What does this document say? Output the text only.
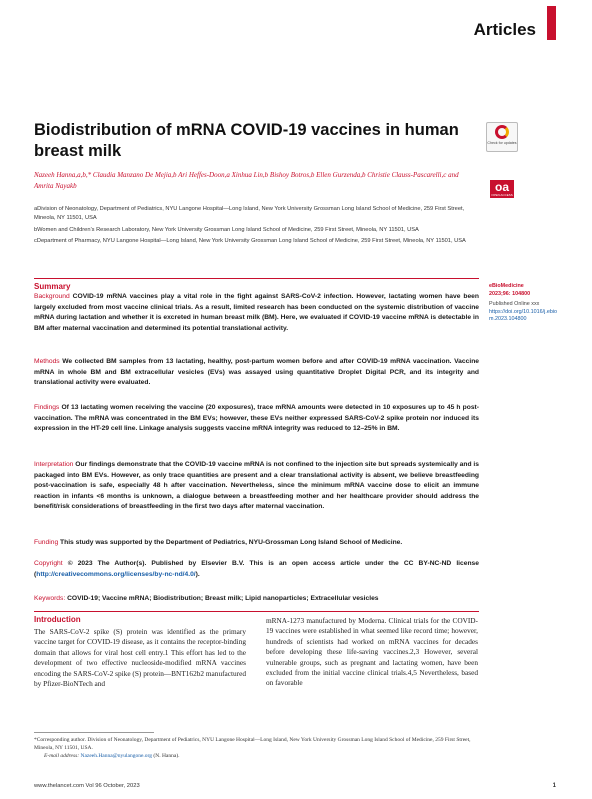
Articles
Biodistribution of mRNA COVID-19 vaccines in human breast milk	Check for updates
oa
OPEN ACCESS
Nazeeh Hanna,a,b,* Claudia Manzano De Mejia,b Ari Heffes-Doon,a Xinhua Lin,b Bishoy Botros,b Ellen Gurzenda,b Christie Clauss-Pascarelli,c and Amrita Nayakb

aDivision of Neonatology, Department of Pediatrics, NYU Langone Hospital—Long Island, New York University Grossman Long Island School of Medicine, 259 First Street, Mineola, NY 11501, USA

bWomen and Children’s Research Laboratory, New York University Grossman Long Island School of Medicine, 259 First Street, Mineola, NY 11501, USA

cDepartment of Pharmacy, NYU Langone Hospital—Long Island, New York University Grossman Long Island School of Medicine, 259 First Street, Mineola, NY 11501, USA

eBioMedicine
2023;96: 104800
Published Online xxx
https://doi.org/10.1016/j.ebiom.2023.104800
Summary

Background COVID-19 mRNA vaccines play a vital role in the fight against SARS-CoV-2 infection. However, lactating women have been largely excluded from most vaccine clinical trials. As a result, limited research has been conducted on the systemic distribution of vaccine mRNA during lactation and whether it is excreted in human breast milk (BM). Here, we evaluated if COVID-19 vaccine mRNA is detectable in BM after maternal vaccination and determined its potential translational activity.

Methods We collected BM samples from 13 lactating, healthy, post-partum women before and after COVID-19 mRNA vaccination. Vaccine mRNA in whole BM and BM extracellular vesicles (EVs) was assayed using quantitative Droplet Digital PCR, and its integrity and translational activity were evaluated.

Findings Of 13 lactating women receiving the vaccine (20 exposures), trace mRNA amounts were detected in 10 exposures up to 45 h post-vaccination. The mRNA was concentrated in the BM EVs; however, these EVs neither expressed SARS-CoV-2 spike protein nor induced its expression in the HT-29 cell line. Linkage analysis suggests vaccine mRNA integrity was reduced to 12–25% in BM.

Interpretation Our findings demonstrate that the COVID-19 vaccine mRNA is not confined to the injection site but spreads systemically and is packaged into BM EVs. However, as only trace quantities are present and a clear translational activity is absent, we believe breastfeeding post-vaccination is safe, especially 48 h after vaccination. Nevertheless, since the minimum mRNA vaccine dose to elicit an immune reaction in infants <6 months is unknown, a dialogue between a breastfeeding mother and her healthcare provider should address the benefit/risk considerations of breastfeeding in the first two days after maternal vaccination.

Funding This study was supported by the Department of Pediatrics, NYU-Grossman Long Island School of Medicine.

Copyright © 2023 The Author(s). Published by Elsevier B.V. This is an open access article under the CC BY-NC-ND license (http://creativecommons.org/licenses/by-nc-nd/4.0/).

Keywords: COVID-19; Vaccine mRNA; Biodistribution; Breast milk; Lipid nanoparticles; Extracellular vesicles

Introduction

The SARS-CoV-2 spike (S) protein was identified as the primary vaccine target for COVID-19 disease, as it contains the receptor-binding domain that allows for viral host cell entry.1 This effort has led to the development of two effective nucleoside-modified mRNA vaccines encoding the SARS-CoV-2 spike (S) protein—BNT162b2 manufactured by Pfizer-BioNTech and

mRNA-1273 manufactured by Moderna. Clinical trials for the COVID-19 vaccines were established in what seemed like record time; however, hundreds of scientists had worked on mRNA vaccines for decades before developing these life-saving vaccines.2,3 However, several vulnerable groups, such as pregnant and lactating women, have been excluded from the initial vaccine clinical trials.4,5 Nevertheless, based on favorable

*Corresponding author. Division of Neonatology, Department of Pediatrics, NYU Langone Hospital—Long Island, New York University Grossman Long Island School of Medicine, 259 First Street, Mineola, NY 11501, USA.
E-mail address: Nazeeh.Hanna@nyulangone.org (N. Hanna).
www.thelancet.com Vol 96 October, 2023	1
